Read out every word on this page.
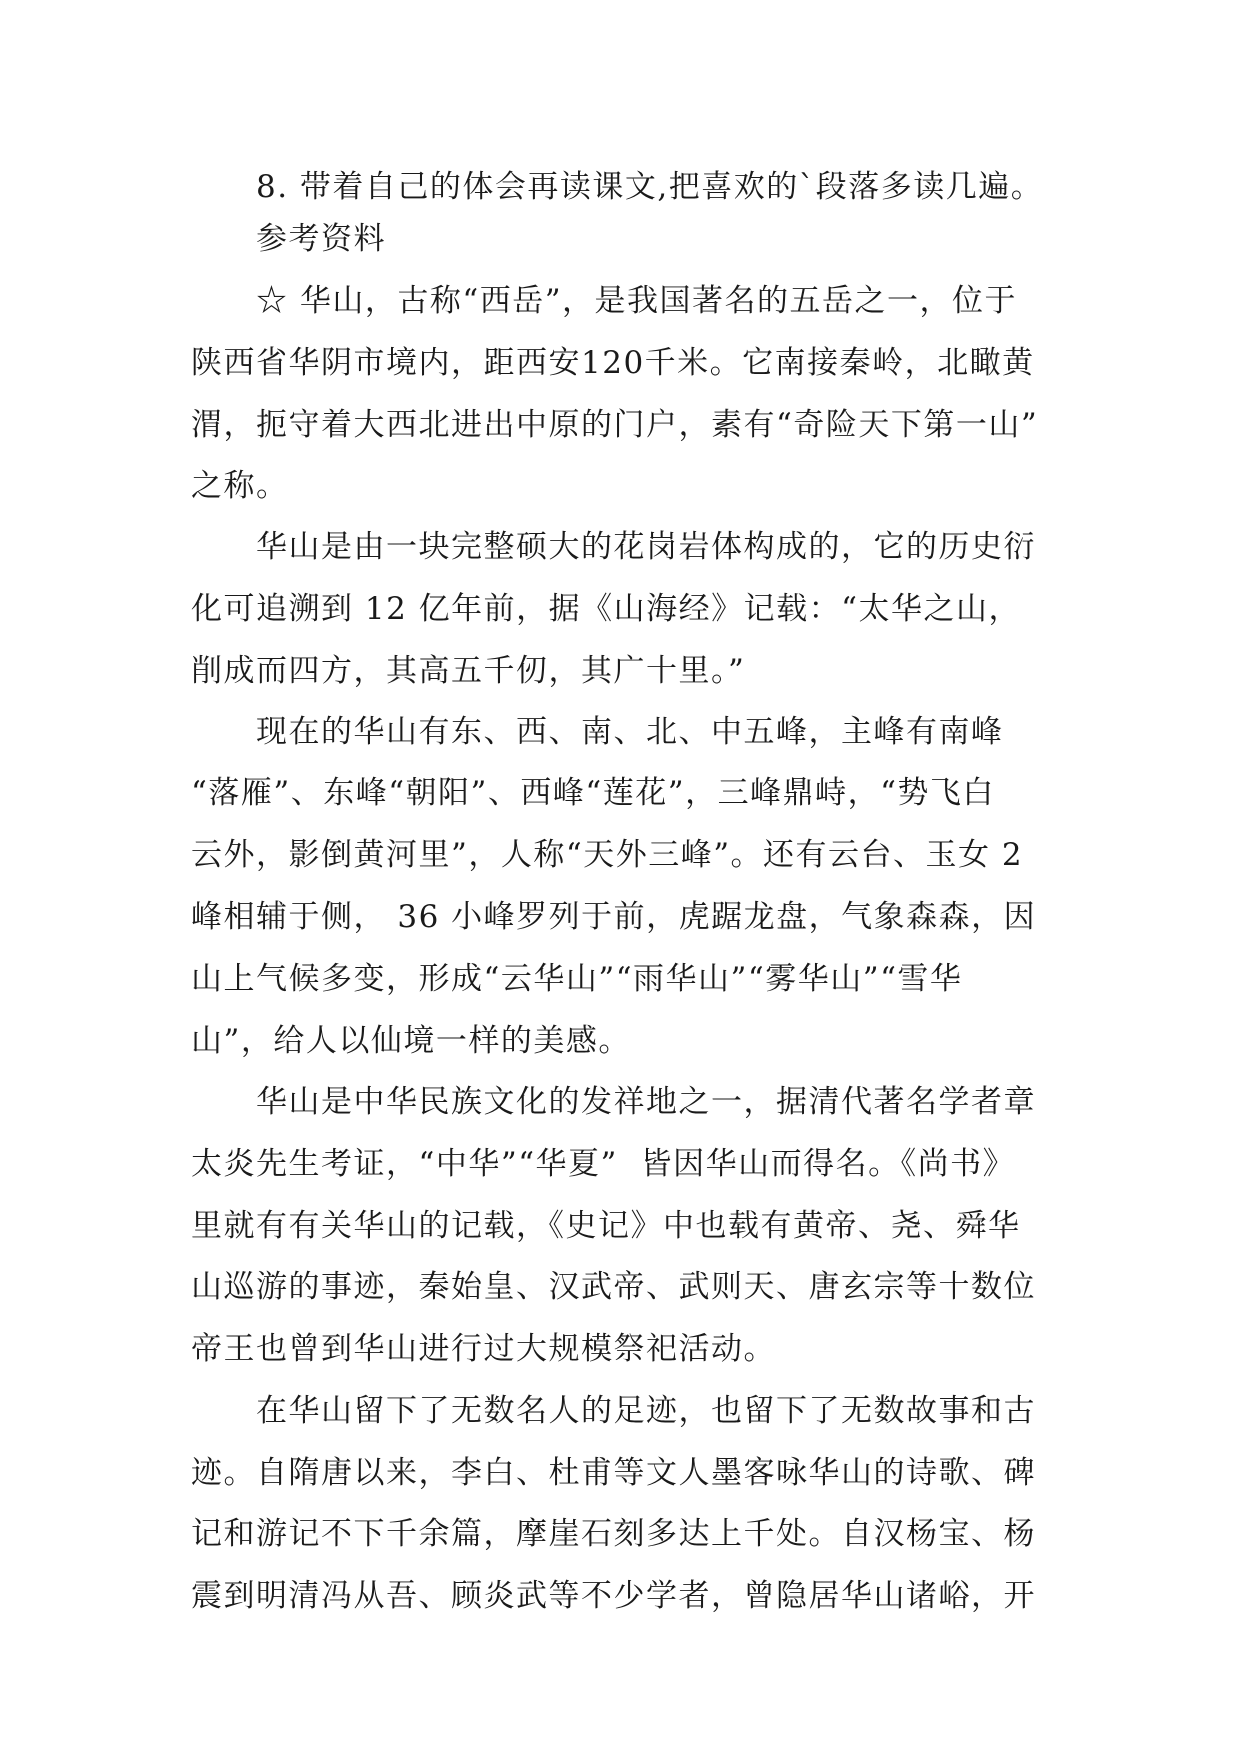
8. 带着自己的体会再读课文,把喜欢的`段落多读几遍。
参考资料
☆ 华山，古称“西岳”，是我国著名的五岳之一，位于
陕西省华阴市境内，距西安120千米。它南接秦岭，北瞰黄
渭，扼守着大西北进出中原的门户，素有“奇险天下第一山”
之称。
华山是由一块完整硕大的花岗岩体构成的，它的历史衍
化可追溯到 12 亿年前，据《山海经》记载：“太华之山，
削成而四方，其高五千仞，其广十里。”
现在的华山有东、西、南、北、中五峰，主峰有南峰
“落雁”、东峰“朝阳”、西峰“莲花”，三峰鼎峙，“势飞白
云外，影倒黄河里”，人称“天外三峰”。还有云台、玉女 2
峰相辅于侧， 36 小峰罗列于前，虎踞龙盘，气象森森，因
山上气候多变，形成“云华山”“雨华山”“雾华山”“雪华
山”，给人以仙境一样的美感。
华山是中华民族文化的发祥地之一，据清代著名学者章
太炎先生考证，“中华”“华夏”  皆因华山而得名。《尚书》
里就有有关华山的记载，《史记》中也载有黄帝、尧、舜华
山巡游的事迹，秦始皇、汉武帝、武则天、唐玄宗等十数位
帝王也曾到华山进行过大规模祭祀活动。
在华山留下了无数名人的足迹，也留下了无数故事和古
迹。自隋唐以来，李白、杜甫等文人墨客咏华山的诗歌、碑
记和游记不下千余篇，摩崖石刻多达上千处。自汉杨宝、杨
震到明清冯从吾、顾炎武等不少学者，曾隐居华山诸峪，开
